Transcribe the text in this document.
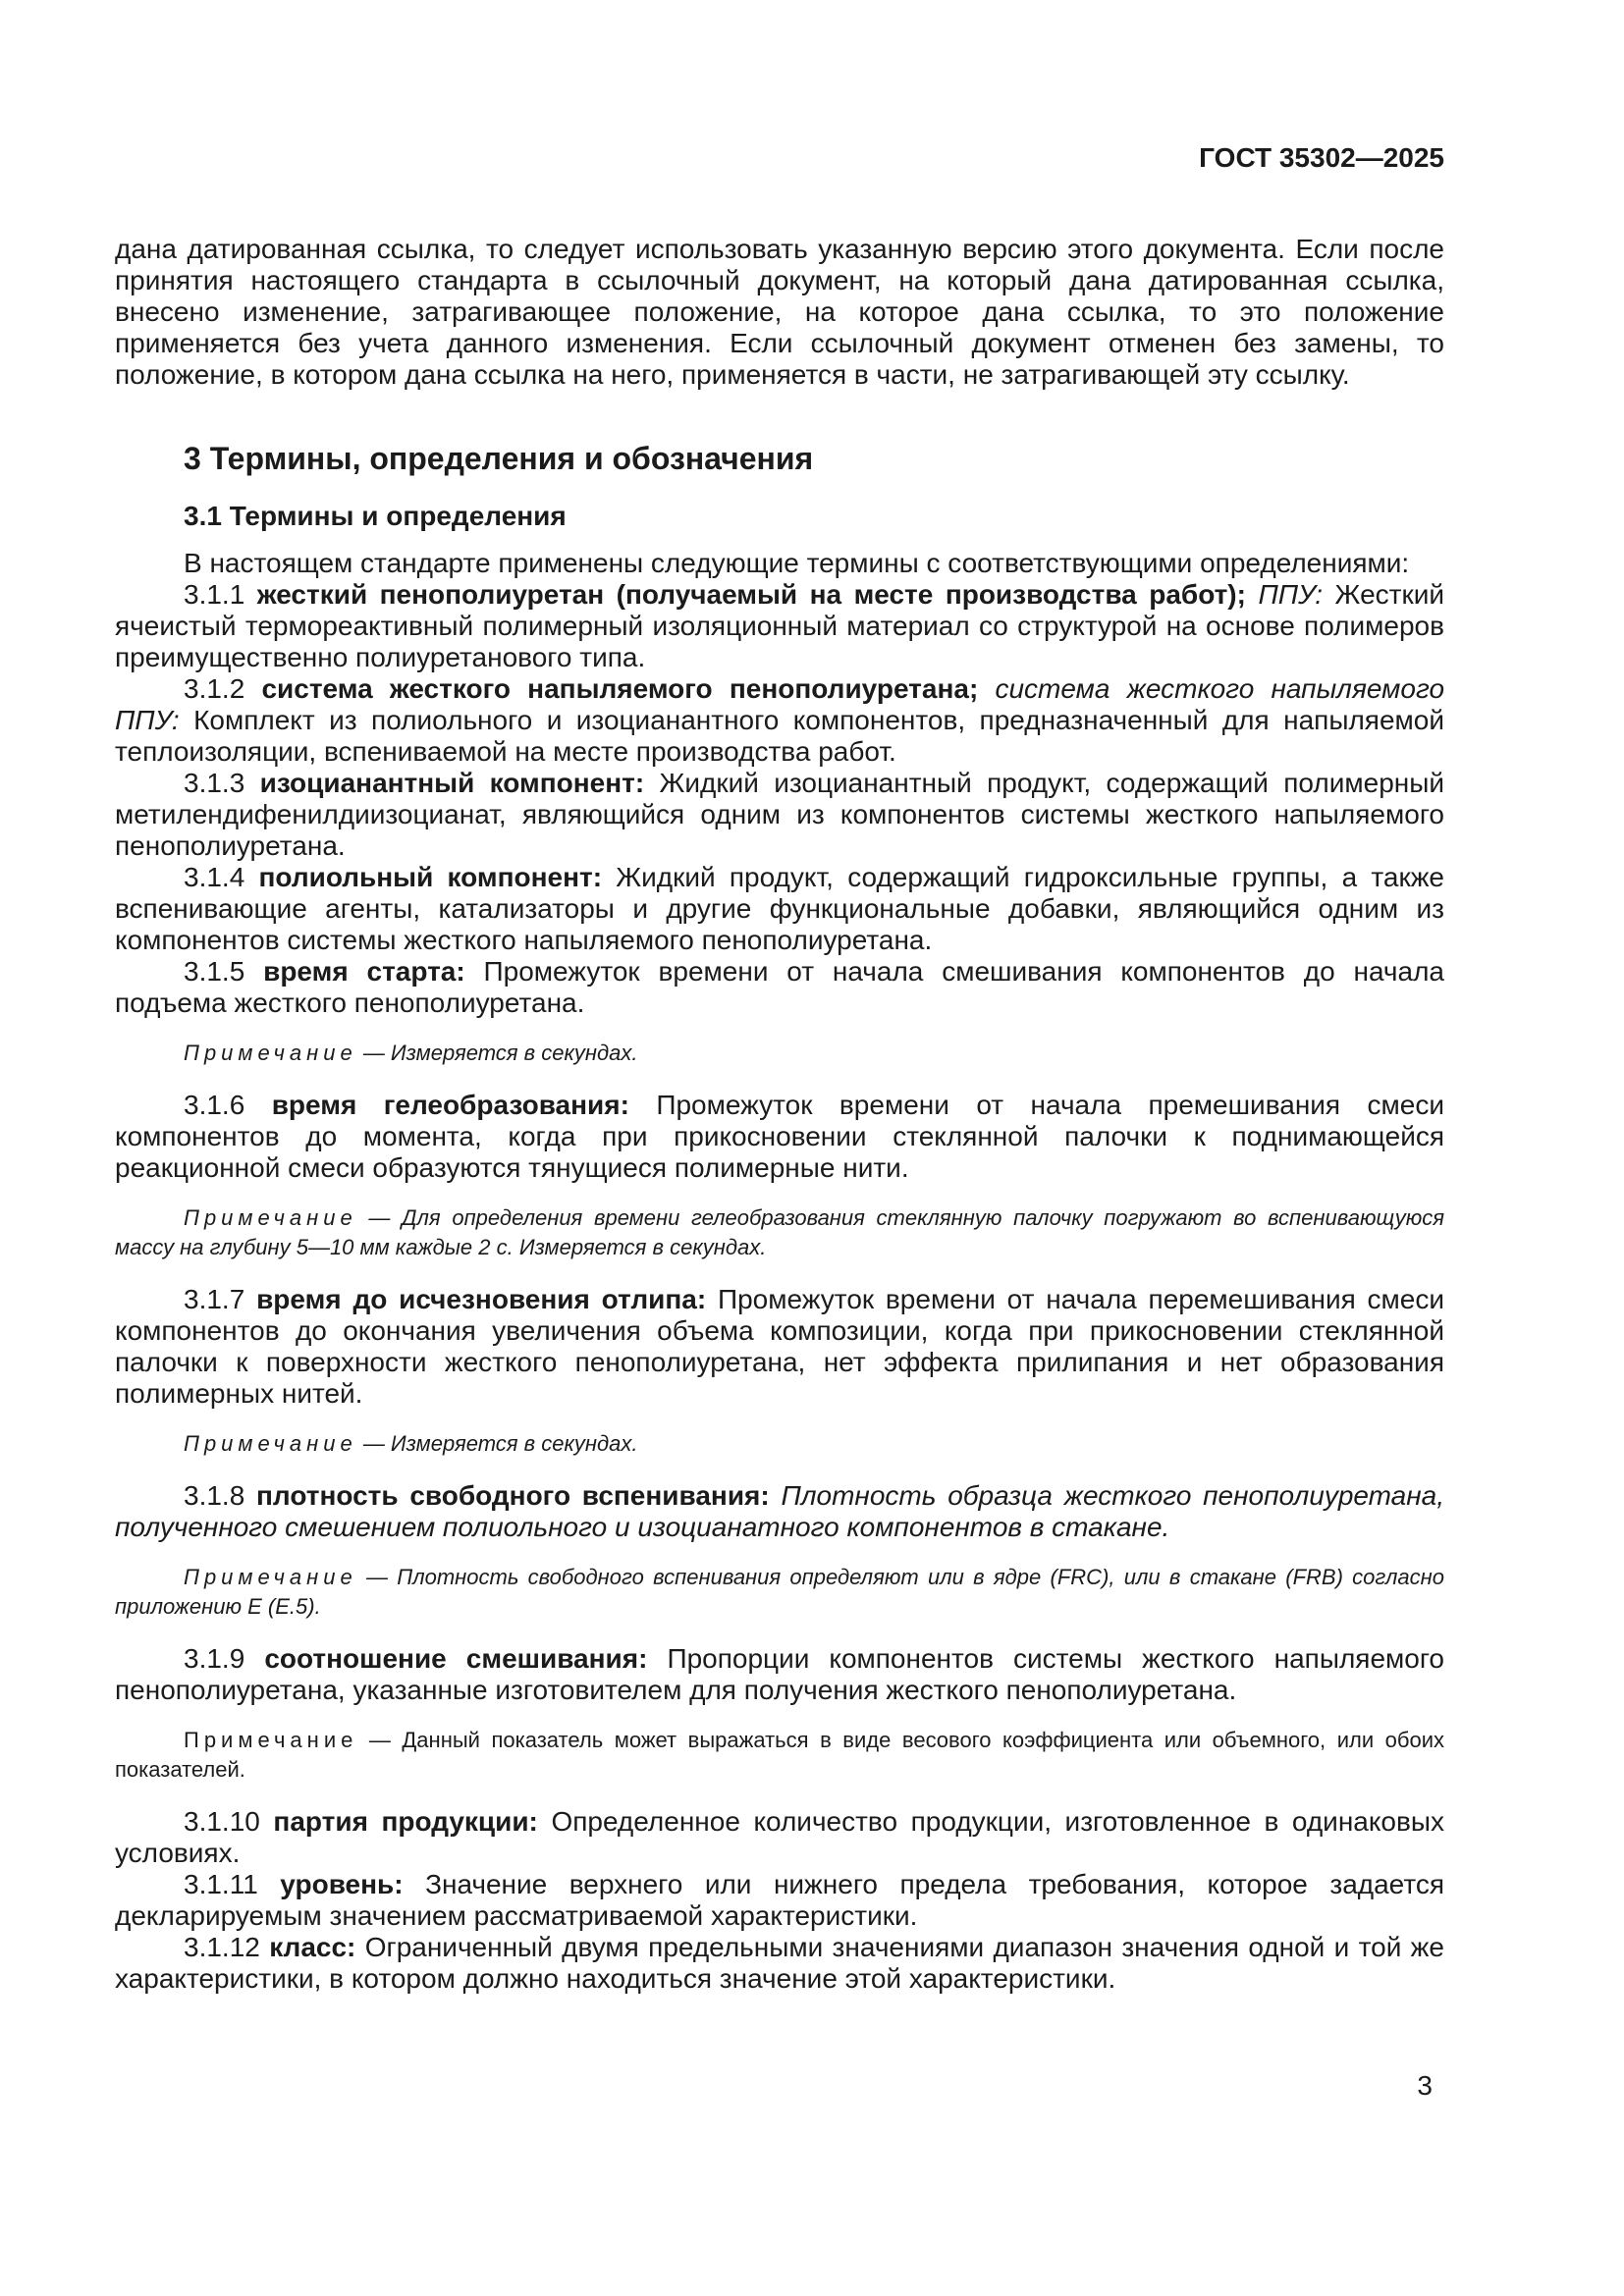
ГОСТ 35302—2025
дана датированная ссылка, то следует использовать указанную версию этого документа. Если после принятия настоящего стандарта в ссылочный документ, на который дана датированная ссылка, внесено изменение, затрагивающее положение, на которое дана ссылка, то это положение применяется без учета данного изменения. Если ссылочный документ отменен без замены, то положение, в котором дана ссылка на него, применяется в части, не затрагивающей эту ссылку.
3 Термины, определения и обозначения
3.1 Термины и определения
В настоящем стандарте применены следующие термины с соответствующими определениями:
3.1.1 жесткий пенополиуретан (получаемый на месте производства работ); ППУ: Жесткий ячеистый термореактивный полимерный изоляционный материал со структурой на основе полимеров преимущественно полиуретанового типа.
3.1.2 система жесткого напыляемого пенополиуретана; система жесткого напыляемого ППУ: Комплект из полиольного и изоцианантного компонентов, предназначенный для напыляемой теплоизоляции, вспениваемой на месте производства работ.
3.1.3 изоцианантный компонент: Жидкий изоцианантный продукт, содержащий полимерный метилендифенилдиизоцианат, являющийся одним из компонентов системы жесткого напыляемого пенополиуретана.
3.1.4 полиольный компонент: Жидкий продукт, содержащий гидроксильные группы, а также вспенивающие агенты, катализаторы и другие функциональные добавки, являющийся одним из компонентов системы жесткого напыляемого пенополиуретана.
3.1.5 время старта: Промежуток времени от начала смешивания компонентов до начала подъема жесткого пенополиуретана.
Примечание — Измеряется в секундах.
3.1.6 время гелеобразования: Промежуток времени от начала премешивания смеси компонентов до момента, когда при прикосновении стеклянной палочки к поднимающейся реакционной смеси образуются тянущиеся полимерные нити.
Примечание — Для определения времени гелеобразования стеклянную палочку погружают во вспенивающуюся массу на глубину 5—10 мм каждые 2 с. Измеряется в секундах.
3.1.7 время до исчезновения отлипа: Промежуток времени от начала перемешивания смеси компонентов до окончания увеличения объема композиции, когда при прикосновении стеклянной палочки к поверхности жесткого пенополиуретана, нет эффекта прилипания и нет образования полимерных нитей.
Примечание — Измеряется в секундах.
3.1.8 плотность свободного вспенивания: Плотность образца жесткого пенополиуретана, полученного смешением полиольного и изоцианатного компонентов в стакане.
Примечание — Плотность свободного вспенивания определяют или в ядре (FRC), или в стакане (FRB) согласно приложению Е (Е.5).
3.1.9 соотношение смешивания: Пропорции компонентов системы жесткого напыляемого пенополиуретана, указанные изготовителем для получения жесткого пенополиуретана.
Примечание — Данный показатель может выражаться в виде весового коэффициента или объемного, или обоих показателей.
3.1.10 партия продукции: Определенное количество продукции, изготовленное в одинаковых условиях.
3.1.11 уровень: Значение верхнего или нижнего предела требования, которое задается декларируемым значением рассматриваемой характеристики.
3.1.12 класс: Ограниченный двумя предельными значениями диапазон значения одной и той же характеристики, в котором должно находиться значение этой характеристики.
3
